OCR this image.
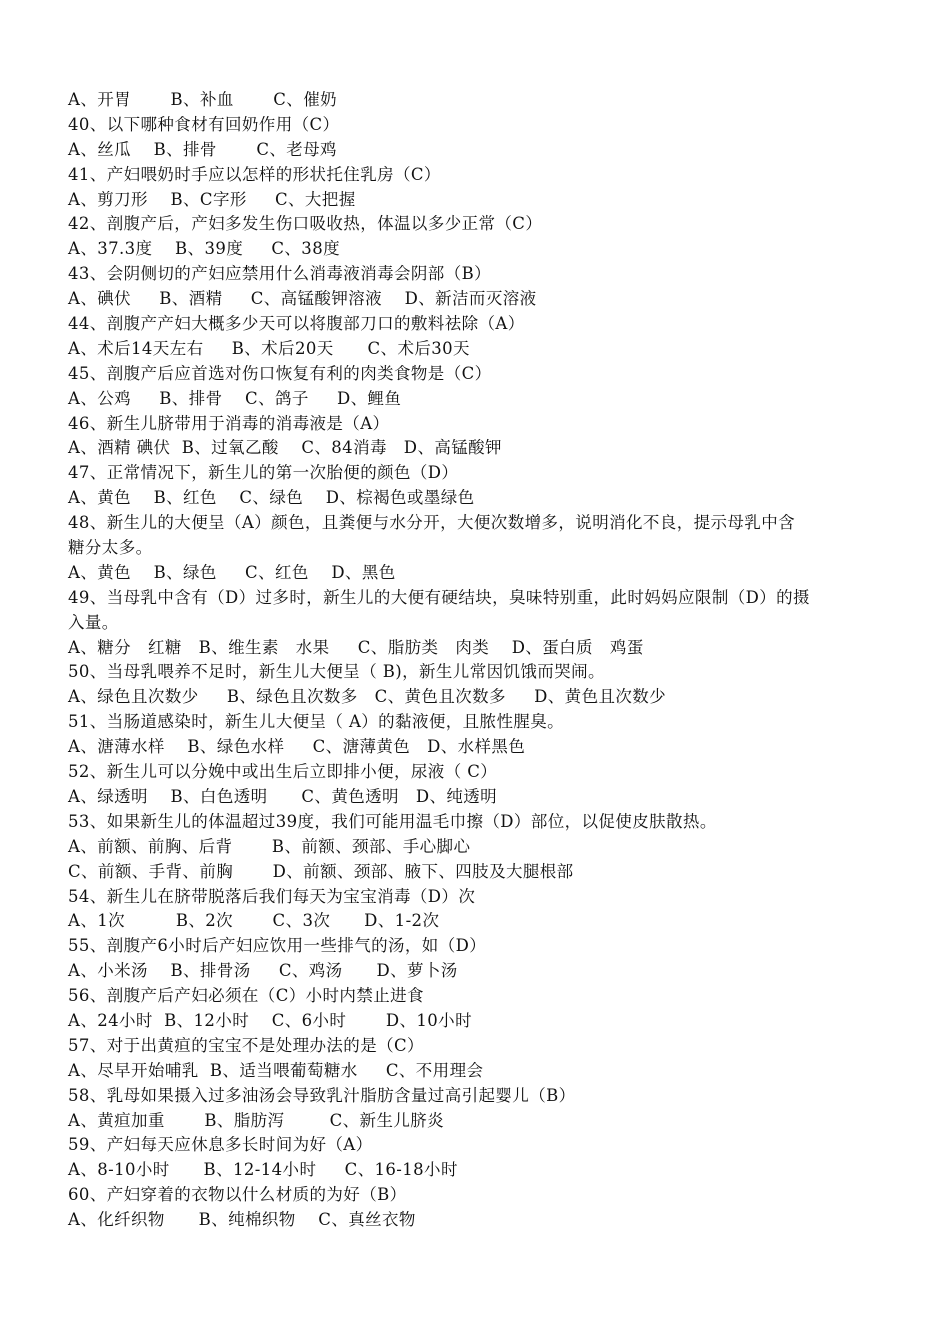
A、开胃       B、补血       C、催奶
40、以下哪种食材有回奶作用（C）
A、丝瓜    B、排骨       C、老母鸡
41、产妇喂奶时手应以怎样的形状托住乳房（C）
A、剪刀形    B、C字形     C、大把握
42、剖腹产后，产妇多发生伤口吸收热，体温以多少正常（C）
A、37.3度    B、39度     C、38度
43、会阴侧切的产妇应禁用什么消毒液消毒会阴部（B）
A、碘伏     B、酒精     C、高锰酸钾溶液    D、新洁而灭溶液
44、剖腹产产妇大概多少天可以将腹部刀口的敷料祛除（A）
A、术后14天左右     B、术后20天      C、术后30天
45、剖腹产后应首选对伤口恢复有利的肉类食物是（C）
A、公鸡     B、排骨    C、鸽子     D、鲤鱼
46、新生儿脐带用于消毒的消毒液是（A）
A、酒精 碘伏  B、过氧乙酸    C、84消毒   D、高锰酸钾
47、正常情况下，新生儿的第一次胎便的颜色（D）
A、黄色    B、红色    C、绿色    D、棕褐色或墨绿色
48、新生儿的大便呈（A）颜色，且粪便与水分开，大便次数增多，说明消化不良，提示母乳中含
糖分太多。
A、黄色    B、绿色     C、红色    D、黑色
49、当母乳中含有（D）过多时，新生儿的大便有硬结块，臭味特别重，此时妈妈应限制（D）的摄
入量。
A、糖分   红糖   B、维生素   水果     C、脂肪类   肉类    D、蛋白质   鸡蛋
50、当母乳喂养不足时，新生儿大便呈（ B)，新生儿常因饥饿而哭闹。
A、绿色且次数少     B、绿色且次数多   C、黄色且次数多     D、黄色且次数少
51、当肠道感染时，新生儿大便呈（ A）的黏液便，且脓性腥臭。
A、溏薄水样    B、绿色水样     C、溏薄黄色   D、水样黑色
52、新生儿可以分娩中或出生后立即排小便，尿液（ C）
A、绿透明    B、白色透明      C、黄色透明   D、纯透明
53、如果新生儿的体温超过39度，我们可能用温毛巾擦（D）部位，以促使皮肤散热。
A、前额、前胸、后背       B、前额、颈部、手心脚心
C、前额、手背、前胸       D、前额、颈部、腋下、四肢及大腿根部
54、新生儿在脐带脱落后我们每天为宝宝消毒（D）次
A、1次         B、2次       C、3次      D、1-2次
55、剖腹产6小时后产妇应饮用一些排气的汤，如（D）
A、小米汤    B、排骨汤     C、鸡汤      D、萝卜汤
56、剖腹产后产妇必须在（C）小时内禁止进食
A、24小时  B、12小时    C、6小时       D、10小时
57、对于出黄疸的宝宝不是处理办法的是（C）
A、尽早开始哺乳  B、适当喂葡萄糖水     C、不用理会
58、乳母如果摄入过多油汤会导致乳汁脂肪含量过高引起婴儿（B）
A、黄疸加重       B、脂肪泻        C、新生儿脐炎
59、产妇每天应休息多长时间为好（A）
A、8-10小时      B、12-14小时     C、16-18小时
60、产妇穿着的衣物以什么材质的为好（B）
A、化纤织物      B、纯棉织物    C、真丝衣物
